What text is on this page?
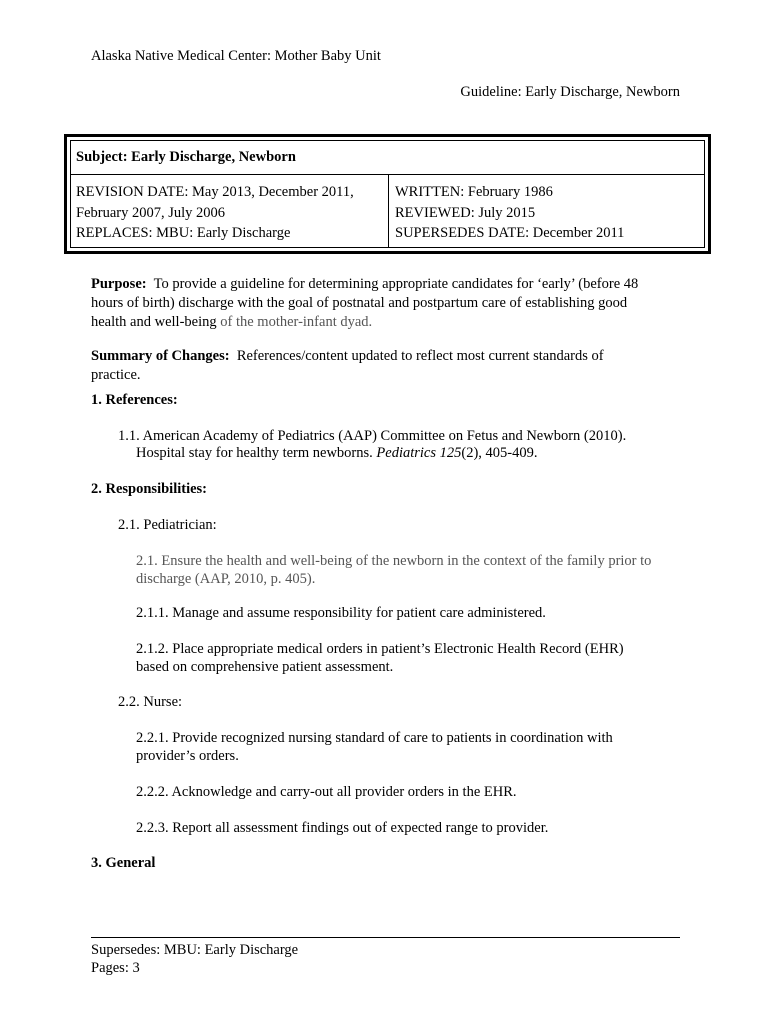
Alaska Native Medical Center: Mother Baby Unit
Guideline: Early Discharge, Newborn
Subject: Early Discharge, Newborn
REVISION DATE: May 2013, December 2011,
February 2007, July 2006
REPLACES: MBU: Early Discharge
WRITTEN: February 1986
REVIEWED: July 2015
SUPERSEDES DATE: December 2011
Purpose: To provide a guideline for determining appropriate candidates for ‘early’ (before 48
hours of birth) discharge with the goal of postnatal and postpartum care of establishing good
health and well-being of the mother-infant dyad.
Summary of Changes: References/content updated to reflect most current standards of
practice.
1. References:
1.1. American Academy of Pediatrics (AAP) Committee on Fetus and Newborn (2010).
Hospital stay for healthy term newborns. Pediatrics 125(2), 405-409.
2. Responsibilities:
2.1. Pediatrician:
2.1. Ensure the health and well-being of the newborn in the context of the family prior to
discharge (AAP, 2010, p. 405).
2.1.1. Manage and assume responsibility for patient care administered.
2.1.2. Place appropriate medical orders in patient’s Electronic Health Record (EHR)
based on comprehensive patient assessment.
2.2. Nurse:
2.2.1. Provide recognized nursing standard of care to patients in coordination with
provider’s orders.
2.2.2. Acknowledge and carry-out all provider orders in the EHR.
2.2.3. Report all assessment findings out of expected range to provider.
3. General
Supersedes: MBU: Early Discharge
Pages: 3
